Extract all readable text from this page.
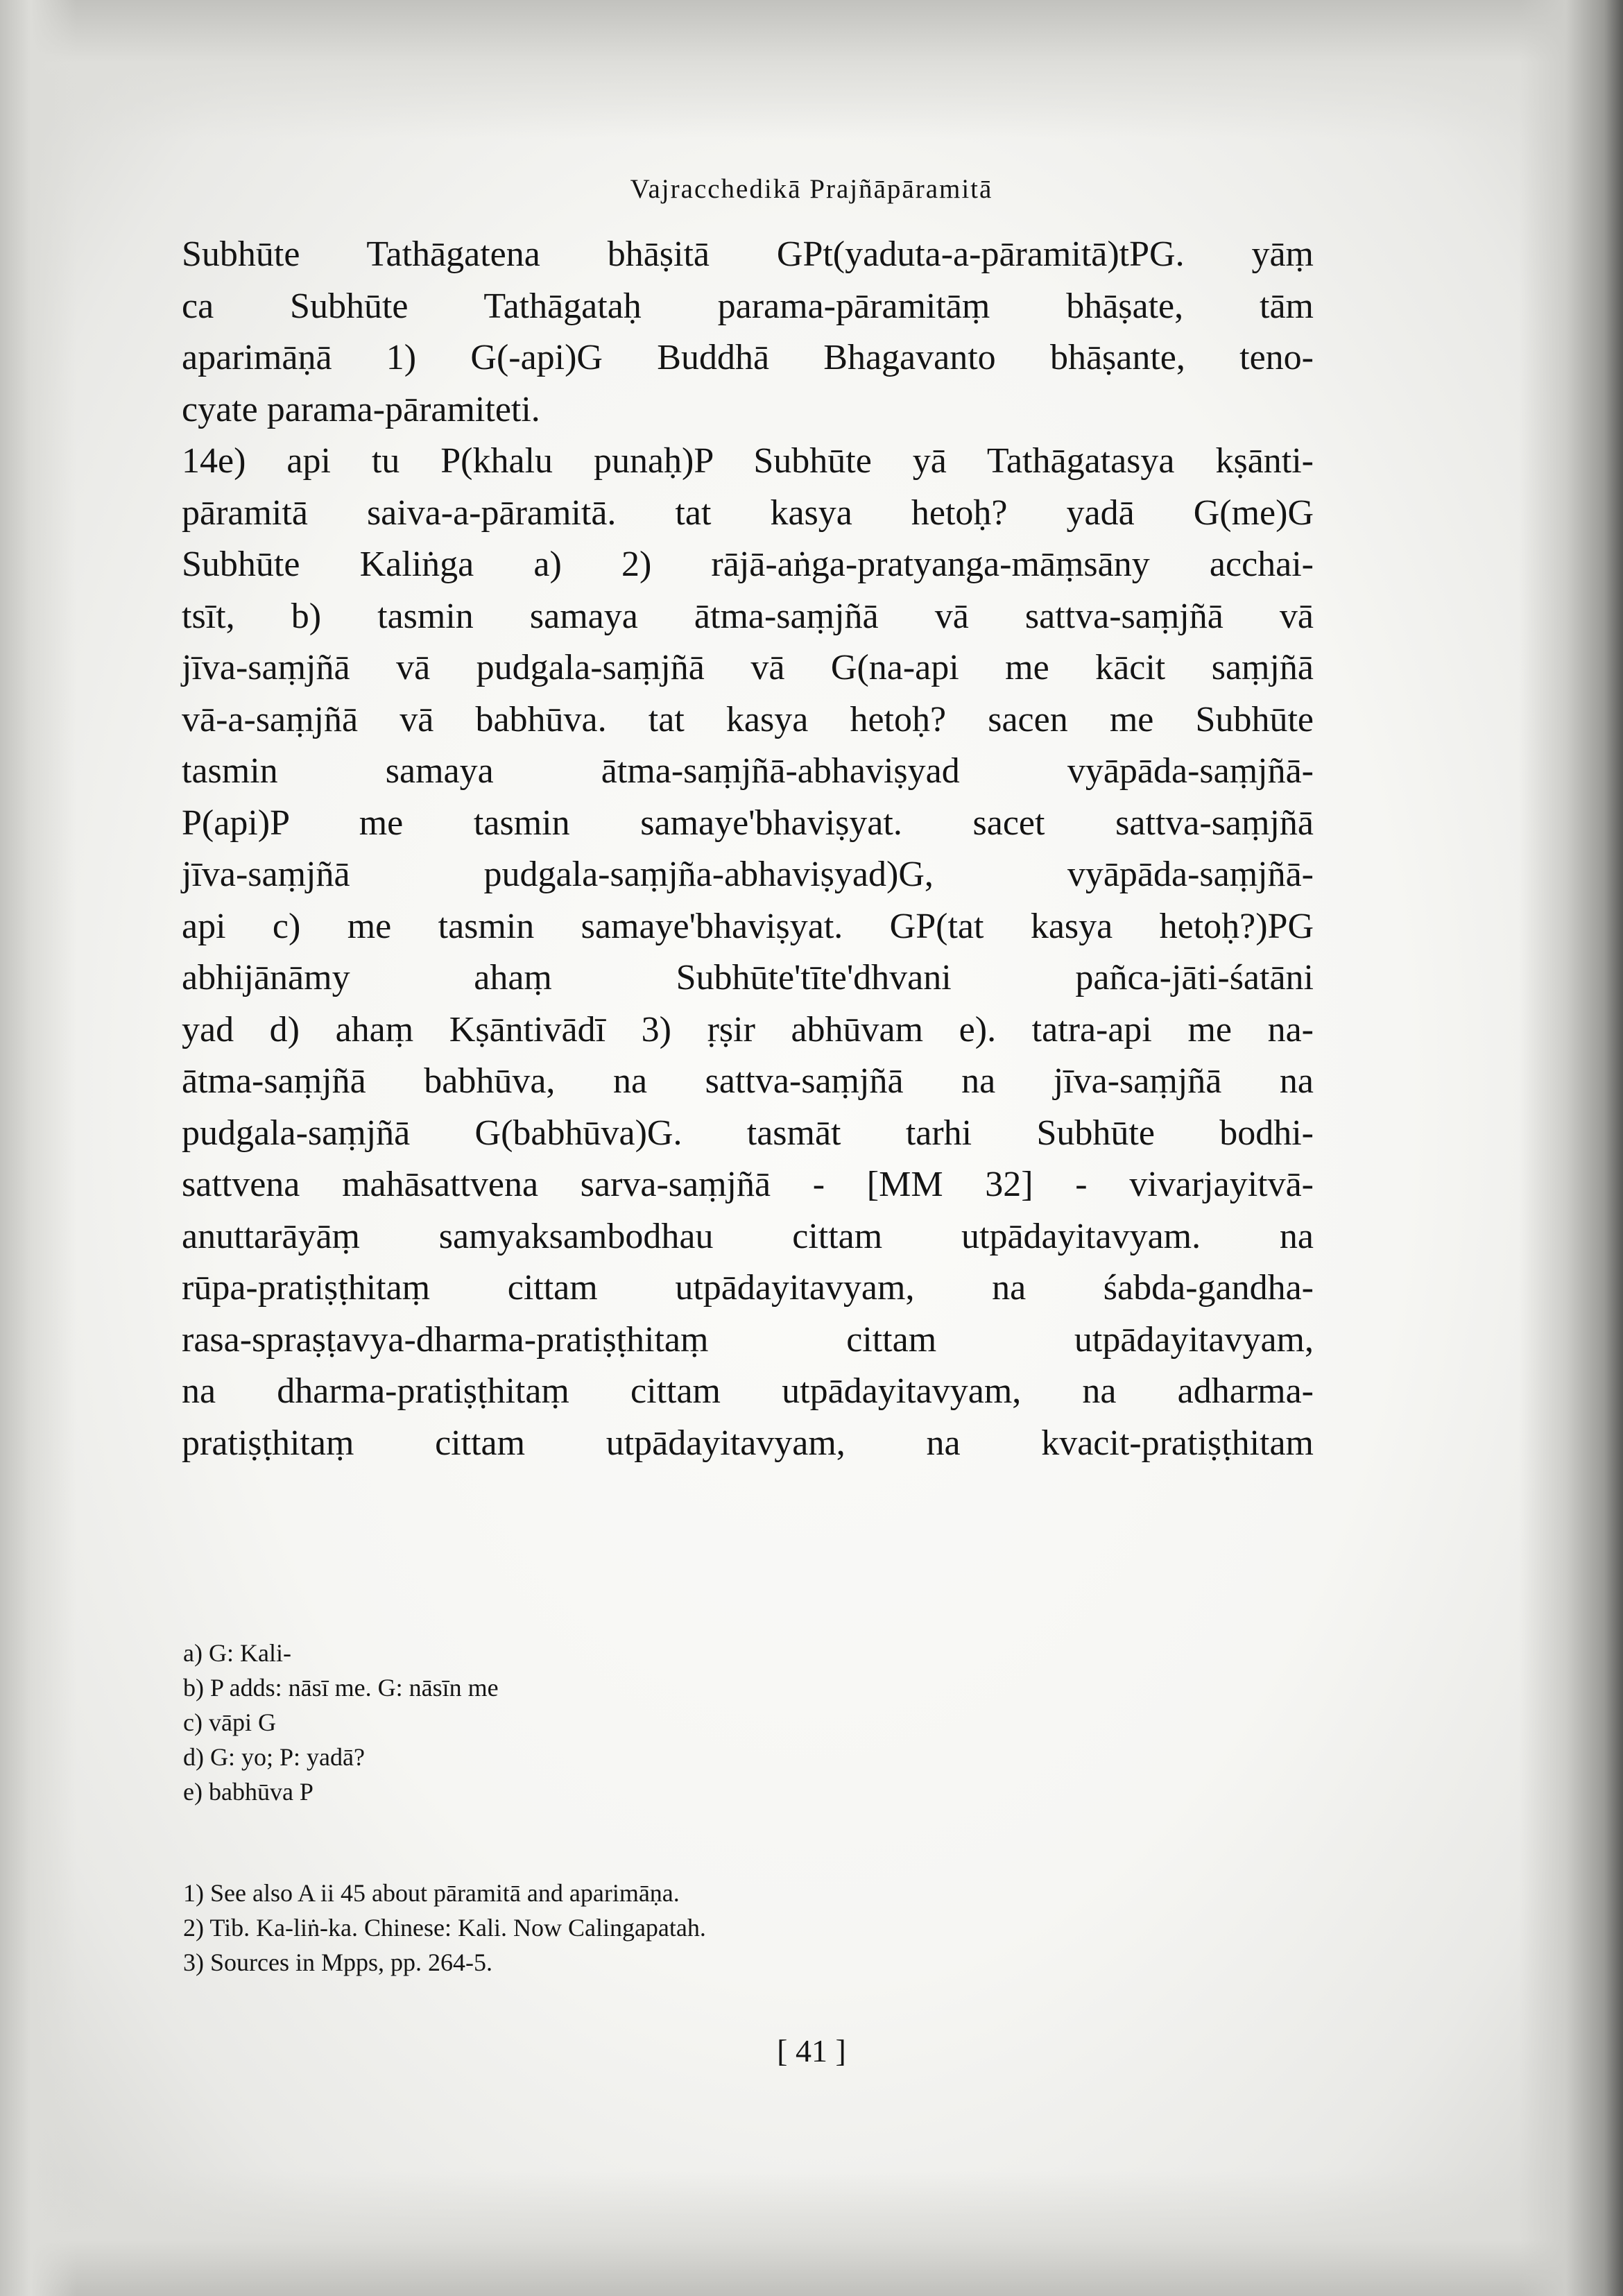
Vajracchedikā Prajñāpāramitā
Subhūte Tathāgatena bhāṣitā GPt(yaduta-a-pāramitā)tPG. yāṃ
ca Subhūte Tathāgataḥ parama-pāramitāṃ bhāṣate, tām
aparimāṇā 1) G(-api)G Buddhā Bhagavanto bhāṣante, teno-
cyate parama-pāramiteti.
14e) api tu P(khalu punaḥ)P Subhūte yā Tathāgatasya kṣānti-
pāramitā saiva-a-pāramitā. tat kasya hetoḥ? yadā G(me)G
Subhūte Kaliṅga a) 2) rājā-aṅga-pratyanga-māṃsāny acchai-
tsīt, b) tasmin samaya ātma-saṃjñā vā sattva-saṃjñā vā
jīva-saṃjñā vā pudgala-saṃjñā vā G(na-api me kācit saṃjñā
vā-a-saṃjñā vā babhūva. tat kasya hetoḥ? sacen me Subhūte
tasmin samaya ātma-saṃjñā-abhaviṣyad vyāpāda-saṃjñā-
P(api)P me tasmin samaye'bhaviṣyat. sacet sattva-saṃjñā
jīva-saṃjñā pudgala-saṃjña-abhaviṣyad)G, vyāpāda-saṃjñā-
api c) me tasmin samaye'bhaviṣyat. GP(tat kasya hetoḥ?)PG
abhijānāmy ahaṃ Subhūte'tīte'dhvani pañca-jāti-śatāni
yad d) ahaṃ Kṣāntivādī 3) ṛṣir abhūvam e). tatra-api me na-
ātma-saṃjñā babhūva, na sattva-saṃjñā na jīva-saṃjñā na
pudgala-saṃjñā G(babhūva)G. tasmāt tarhi Subhūte bodhi-
sattvena mahāsattvena sarva-saṃjñā - [MM 32] - vivarjayitvā-
anuttarāyāṃ samyaksambodhau cittam utpādayitavyam. na
rūpa-pratiṣṭhitaṃ cittam utpādayitavyam, na śabda-gandha-
rasa-spraṣṭavya-dharma-pratiṣṭhitaṃ cittam utpādayitavyam,
na dharma-pratiṣṭhitaṃ cittam utpādayitavyam, na adharma-
pratiṣṭhitaṃ cittam utpādayitavyam, na kvacit-pratiṣṭhitam
a) G: Kali-
b) P adds: nāsī me. G: nāsīn me
c) vāpi G
d) G: yo; P: yadā?
e) babhūva P
1) See also A ii 45 about pāramitā and aparimāṇa.
2) Tib. Ka-liṅ-ka. Chinese: Kali. Now Calingapatah.
3) Sources in Mpps, pp. 264-5.
[ 41 ]
